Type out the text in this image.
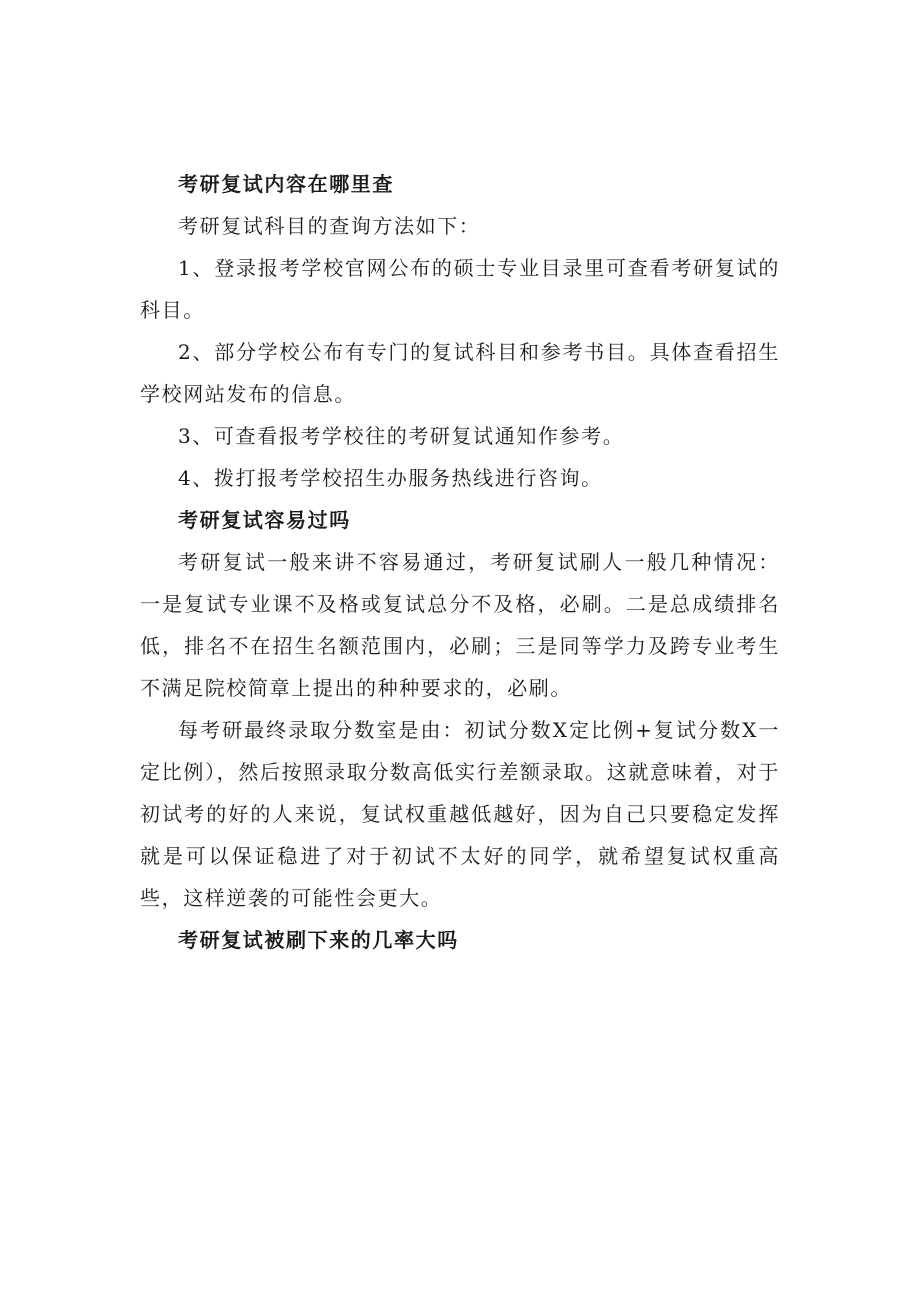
考研复试内容在哪里查

考研复试科目的查询方法如下：

1、登录报考学校官网公布的硕士专业目录里可查看考研复试的科目。

2、部分学校公布有专门的复试科目和参考书目。具体查看招生学校网站发布的信息。

3、可查看报考学校往的考研复试通知作参考。

4、拨打报考学校招生办服务热线进行咨询。

考研复试容易过吗

考研复试一般来讲不容易通过，考研复试刷人一般几种情况：一是复试专业课不及格或复试总分不及格，必刷。二是总成绩排名低，排名不在招生名额范围内，必刷；三是同等学力及跨专业考生不满足院校简章上提出的种种要求的，必刷。

每考研最终录取分数室是由：初试分数X定比例+复试分数X一定比例），然后按照录取分数高低实行差额录取。这就意味着，对于初试考的好的人来说，复试权重越低越好，因为自己只要稳定发挥就是可以保证稳进了对于初试不太好的同学，就希望复试权重高些，这样逆袭的可能性会更大。

考研复试被刷下来的几率大吗
